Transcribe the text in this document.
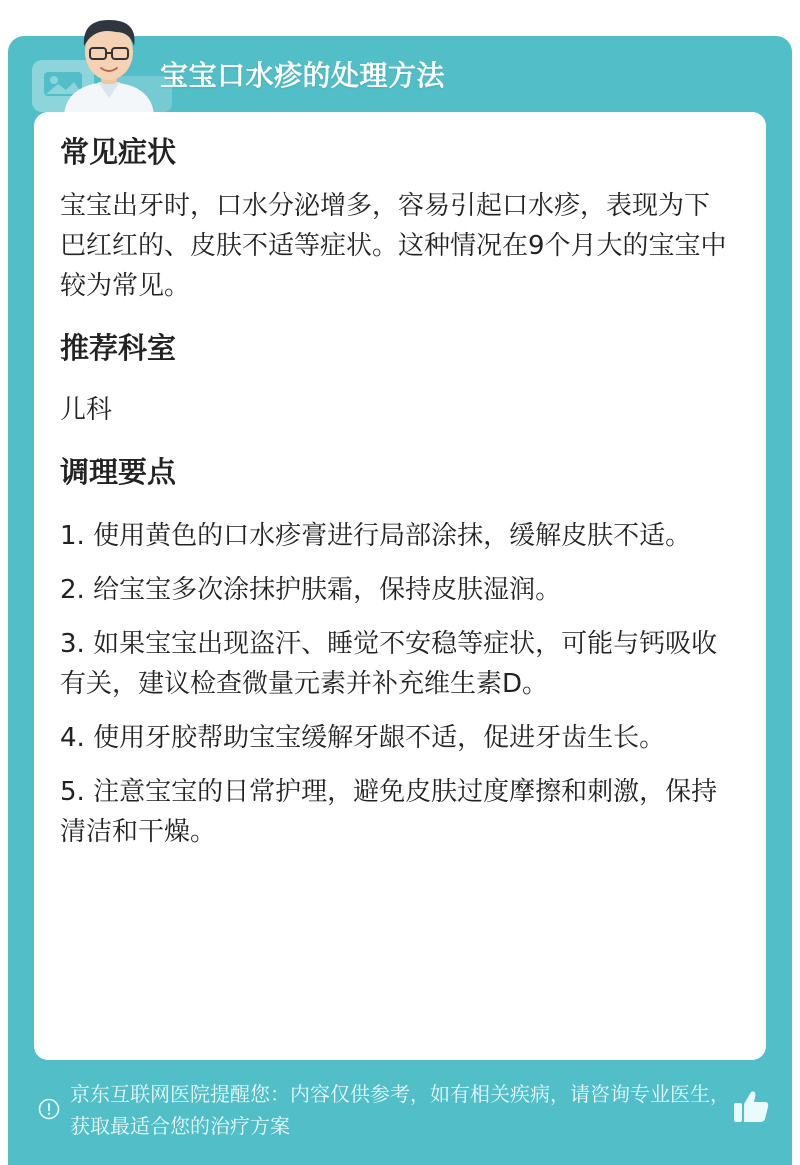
宝宝口水疹的处理方法
常见症状

宝宝出牙时，口水分泌增多，容易引起口水疹，表现为下巴红红的、皮肤不适等症状。这种情况在9个月大的宝宝中较为常见。

推荐科室

儿科

调理要点

1. 使用黄色的口水疹膏进行局部涂抹，缓解皮肤不适。

2. 给宝宝多次涂抹护肤霜，保持皮肤湿润。

3. 如果宝宝出现盗汗、睡觉不安稳等症状，可能与钙吸收有关，建议检查微量元素并补充维生素D。

4. 使用牙胶帮助宝宝缓解牙龈不适，促进牙齿生长。

5. 注意宝宝的日常护理，避免皮肤过度摩擦和刺激，保持清洁和干燥。

京东互联网医院提醒您：内容仅供参考，如有相关疾病，请咨询专业医生，获取最适合您的治疗方案
